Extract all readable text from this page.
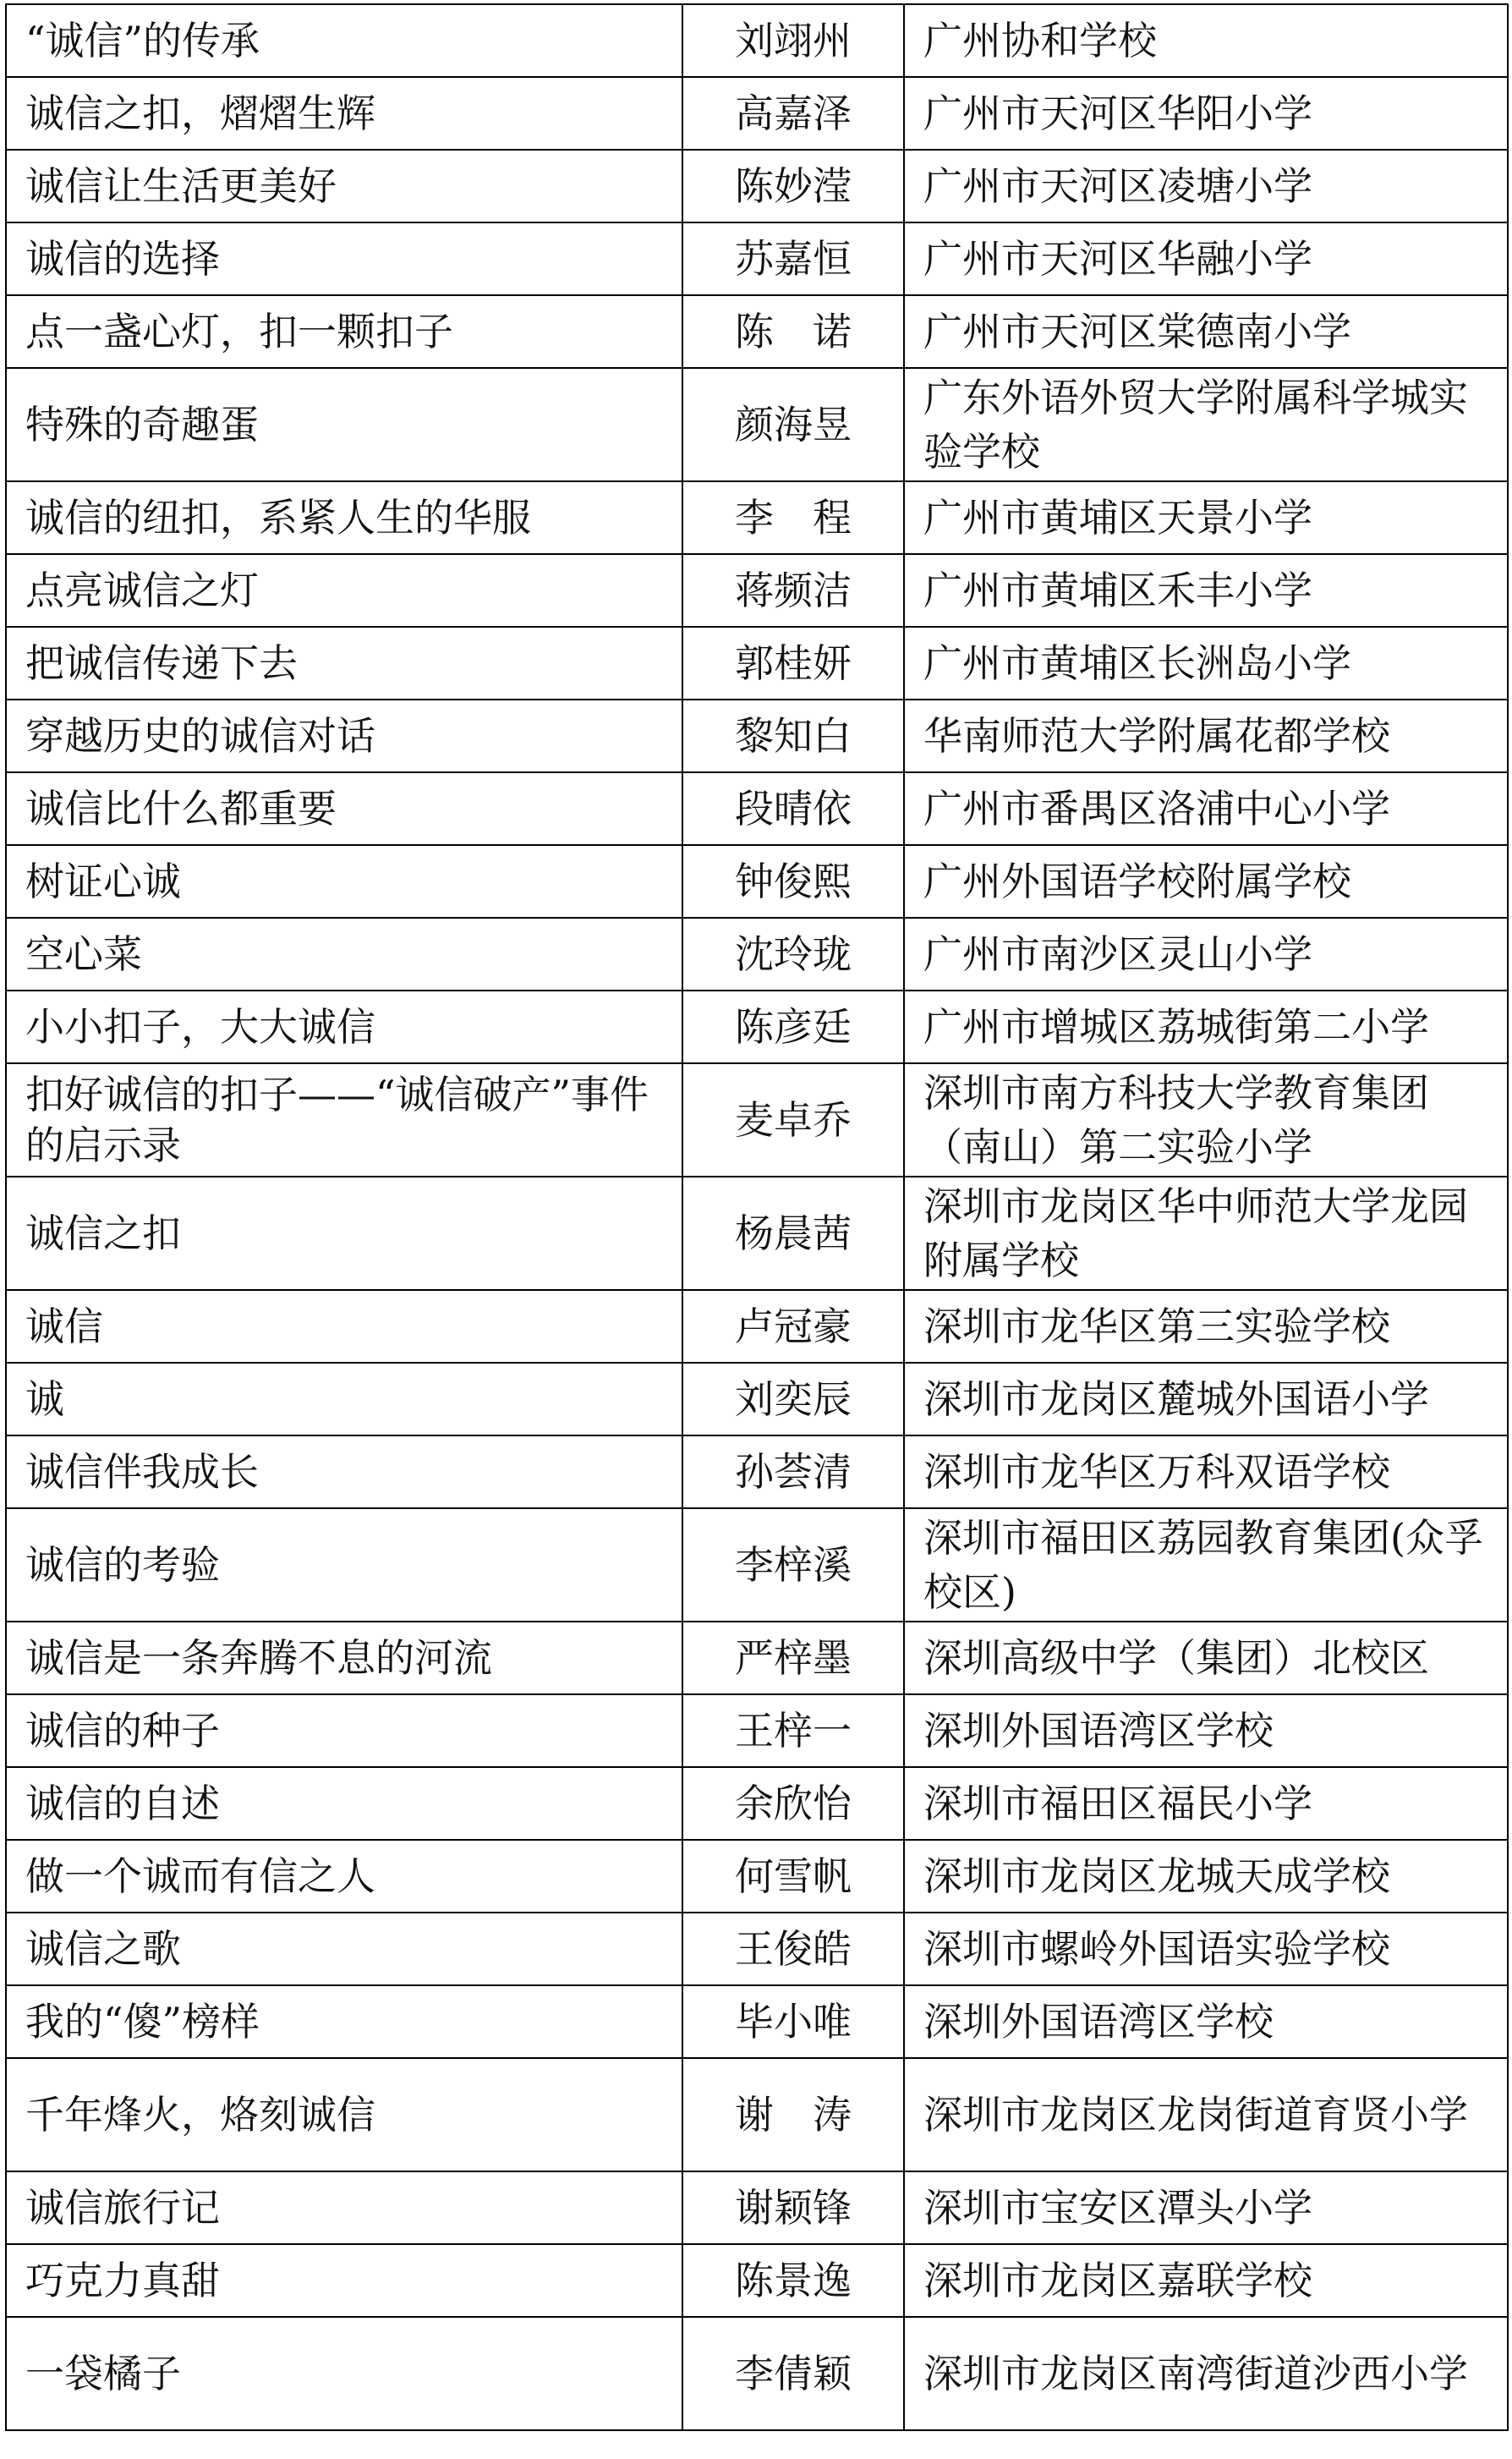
“诚信”的传承	刘翊州	广州协和学校
诚信之扣，熠熠生辉	高嘉泽	广州市天河区华阳小学
诚信让生活更美好	陈妙滢	广州市天河区凌塘小学
诚信的选择	苏嘉恒	广州市天河区华融小学
点一盏心灯，扣一颗扣子	陈　诺	广州市天河区棠德南小学
特殊的奇趣蛋	颜海昱	广东外语外贸大学附属科学城实验学校
诚信的纽扣，系紧人生的华服	李　程	广州市黄埔区天景小学
点亮诚信之灯	蒋频洁	广州市黄埔区禾丰小学
把诚信传递下去	郭桂妍	广州市黄埔区长洲岛小学
穿越历史的诚信对话	黎知白	华南师范大学附属花都学校
诚信比什么都重要	段晴依	广州市番禺区洛浦中心小学
树证心诚	钟俊熙	广州外国语学校附属学校
空心菜	沈玲珑	广州市南沙区灵山小学
小小扣子，大大诚信	陈彦廷	广州市增城区荔城街第二小学
扣好诚信的扣子——“诚信破产”事件的启示录	麦卓乔	深圳市南方科技大学教育集团（南山）第二实验小学
诚信之扣	杨晨茜	深圳市龙岗区华中师范大学龙园附属学校
诚信	卢冠豪	深圳市龙华区第三实验学校
诚	刘奕辰	深圳市龙岗区麓城外国语小学
诚信伴我成长	孙荟清	深圳市龙华区万科双语学校
诚信的考验	李梓溪	深圳市福田区荔园教育集团(众孚校区)
诚信是一条奔腾不息的河流	严梓墨	深圳高级中学（集团）北校区
诚信的种子	王梓一	深圳外国语湾区学校
诚信的自述	余欣怡	深圳市福田区福民小学
做一个诚而有信之人	何雪帆	深圳市龙岗区龙城天成学校
诚信之歌	王俊皓	深圳市螺岭外国语实验学校
我的“傻”榜样	毕小唯	深圳外国语湾区学校
千年烽火，烙刻诚信	谢　涛	深圳市龙岗区龙岗街道育贤小学
诚信旅行记	谢颖锋	深圳市宝安区潭头小学
巧克力真甜	陈景逸	深圳市龙岗区嘉联学校
一袋橘子	李倩颖	深圳市龙岗区南湾街道沙西小学
